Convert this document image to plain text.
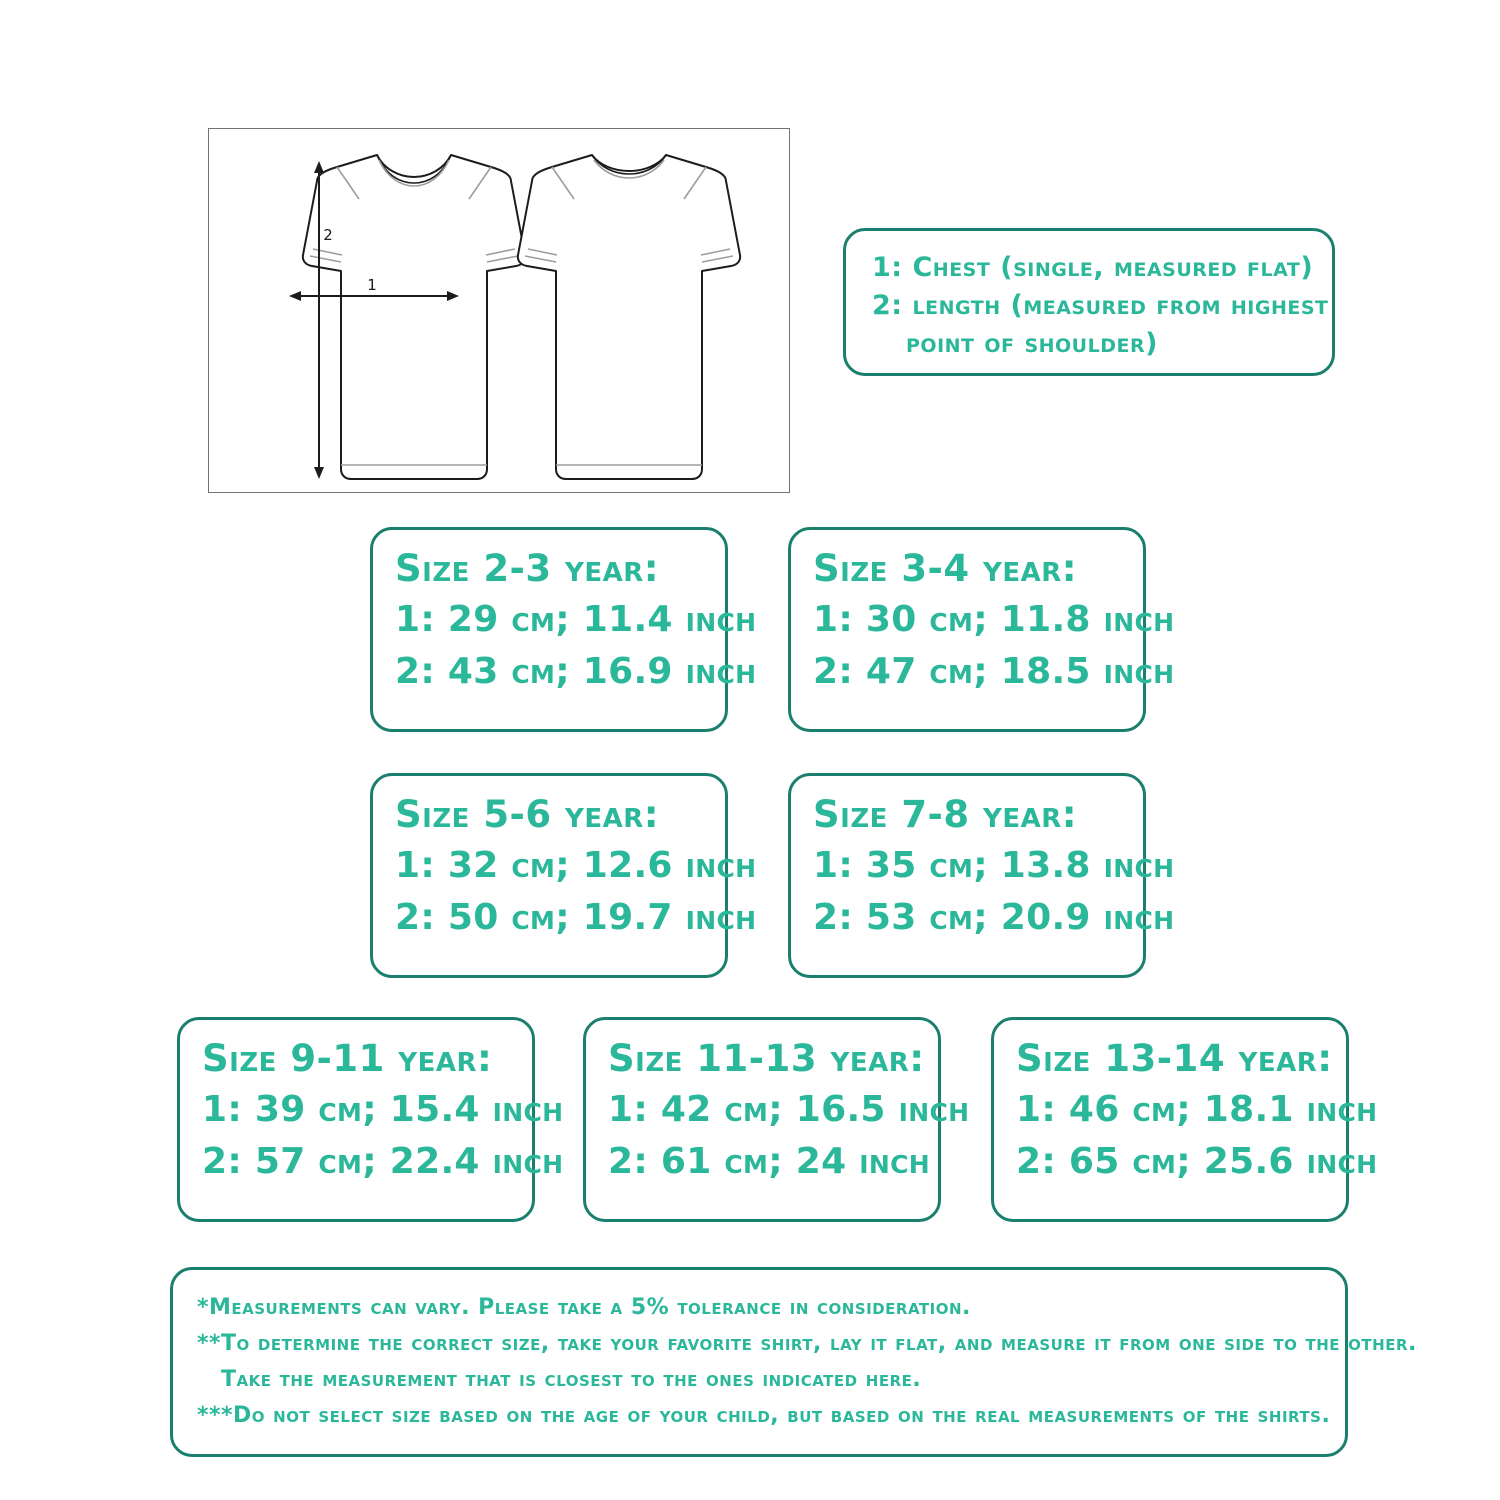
1
2
1: Chest (single, measured flat)
2: length (measured from highest
point of shoulder)
Size 2-3 year:
1: 29 cm; 11.4 inch
2: 43 cm; 16.9 inch
Size 3-4 year:
1: 30 cm; 11.8 inch
2: 47 cm; 18.5 inch
Size 5-6 year:
1: 32 cm; 12.6 inch
2: 50 cm; 19.7 inch
Size 7-8 year:
1: 35 cm; 13.8 inch
2: 53 cm; 20.9 inch
Size 9-11 year:
1: 39 cm; 15.4 inch
2: 57 cm; 22.4 inch
Size 11-13 year:
1: 42 cm; 16.5 inch
2: 61 cm; 24 inch
Size 13-14 year:
1: 46 cm; 18.1 inch
2: 65 cm; 25.6 inch
*Measurements can vary. Please take a 5% tolerance in consideration.
**To determine the correct size, take your favorite shirt, lay it flat, and measure it from one side to the other.
Take the measurement that is closest to the ones indicated here.
***Do not select size based on the age of your child, but based on the real measurements of the shirts.
